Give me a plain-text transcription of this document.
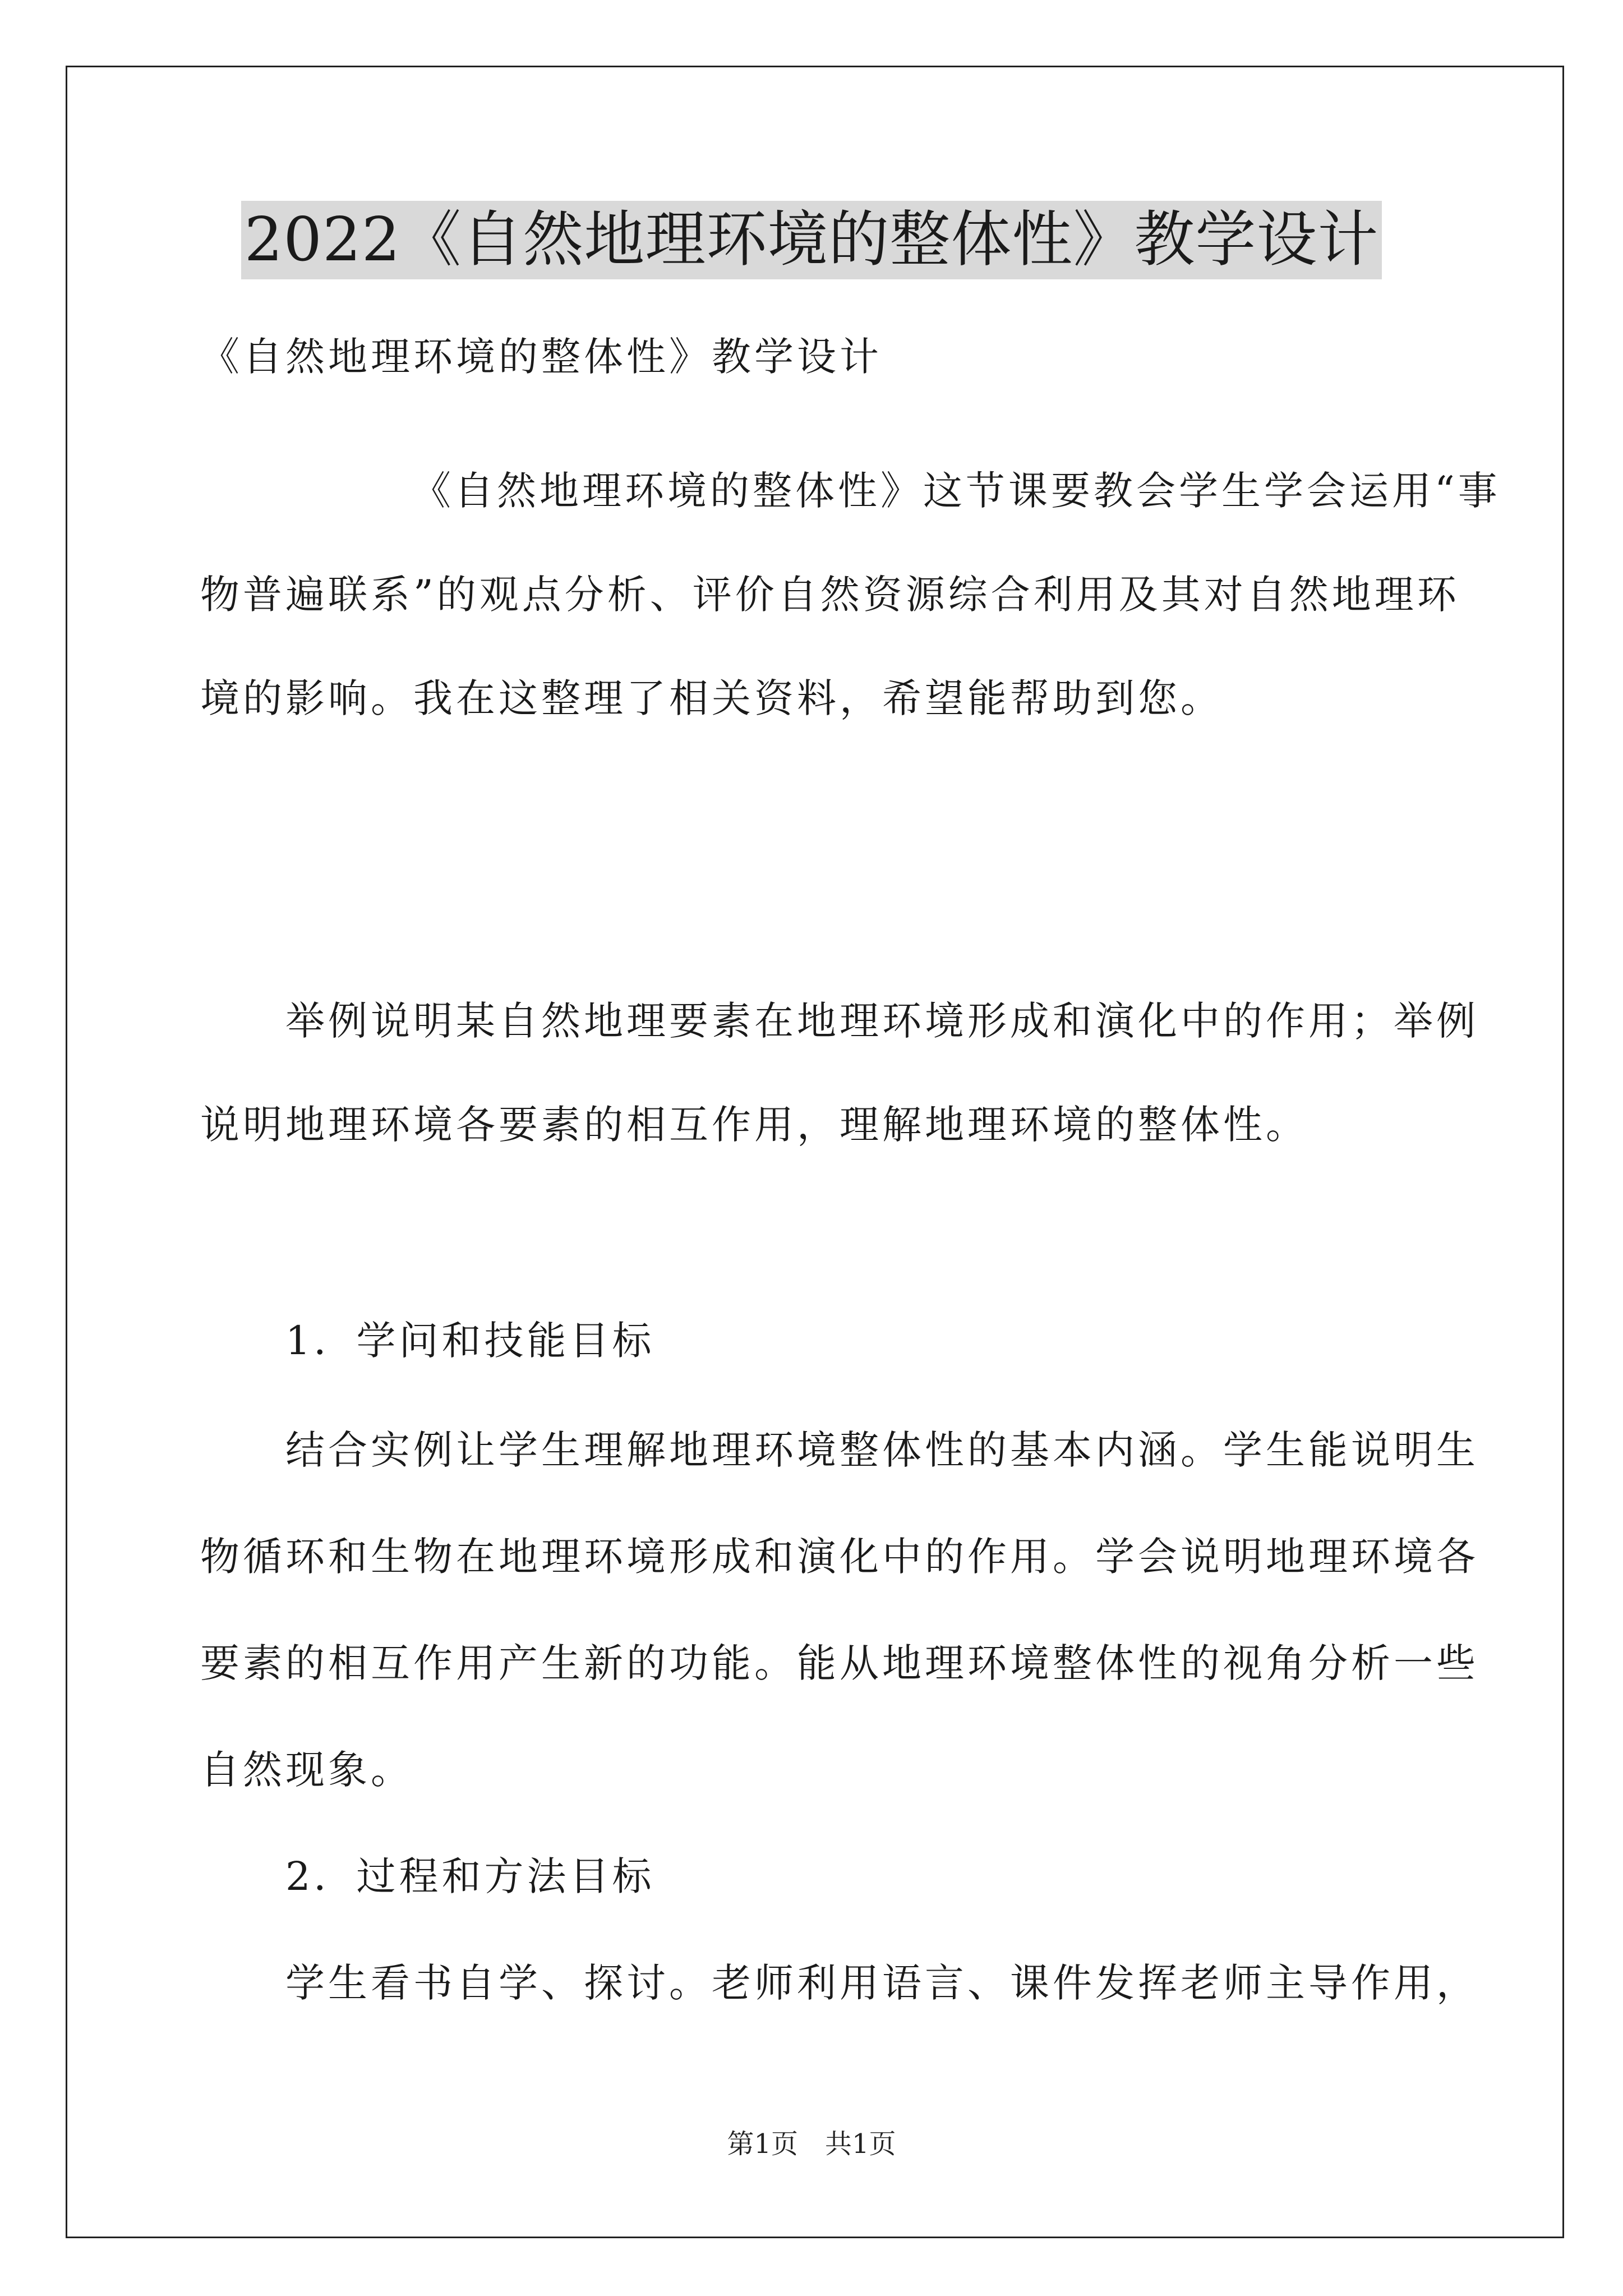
2022《自然地理环境的整体性》教学设计
《自然地理环境的整体性》教学设计
　　《自然地理环境的整体性》这节课要教会学生学会运用“事
物普遍联系”的观点分析、评价自然资源综合利用及其对自然地理环
境的影响。我在这整理了相关资料，希望能帮助到您。
　　举例说明某自然地理要素在地理环境形成和演化中的作用；举例
说明地理环境各要素的相互作用，理解地理环境的整体性。
　　1．学问和技能目标
　　结合实例让学生理解地理环境整体性的基本内涵。学生能说明生
物循环和生物在地理环境形成和演化中的作用。学会说明地理环境各
要素的相互作用产生新的功能。能从地理环境整体性的视角分析一些
自然现象。
　　2．过程和方法目标
　　学生看书自学、探讨。老师利用语言、课件发挥老师主导作用，
第1页　共1页
